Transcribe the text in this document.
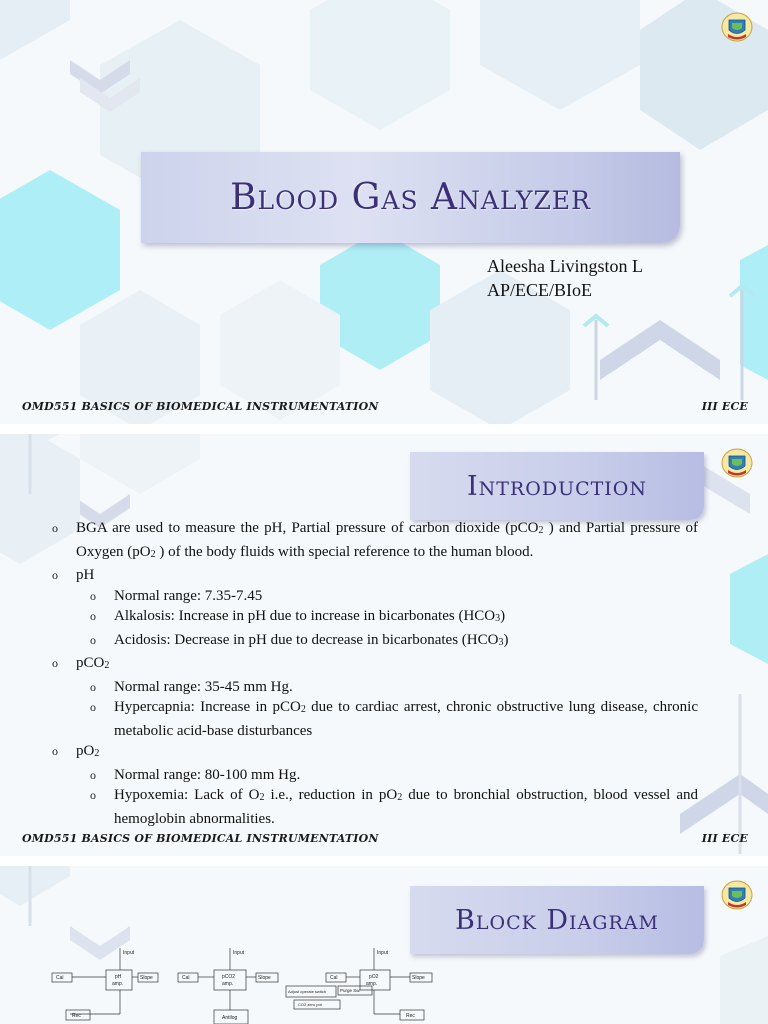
Blood Gas Analyzer
Aleesha Livingston L
AP/ECE/BIoE
OMD551 BASICS OF BIOMEDICAL INSTRUMENTATION	III ECE
Introduction
o	BGA are used to measure the pH, Partial pressure of carbon dioxide (pCO2 ) and Partial pressure of Oxygen (pO2 ) of the body fluids with special reference to the human blood.
o	pH
o	Normal range: 7.35-7.45
o	Alkalosis: Increase in pH due to increase in bicarbonates (HCO3)
o	Acidosis: Decrease in pH due to decrease in bicarbonates (HCO3)
o	pCO2
o	Normal range: 35-45 mm Hg.
o	Hypercapnia: Increase in pCO2 due to cardiac arrest, chronic obstructive lung disease, chronic metabolic acid-base disturbances
o	pO2
o	Normal range: 80-100 mm Hg.
o	Hypoxemia: Lack of O2 i.e., reduction in pO2 due to bronchial obstruction, blood vessel and hemoglobin abnormalities.
OMD551 BASICS OF BIOMEDICAL INSTRUMENTATION	III ECE
Block Diagram
Input
Cal	pH
amp.
Slope
Rec
Cal	pCO2
amp.
Slope
Antilog
Adjust operate switch
CO2 zero pot
Input
Input
Cal	pO2
amp.
Slope
Purge Sw.
Rec
